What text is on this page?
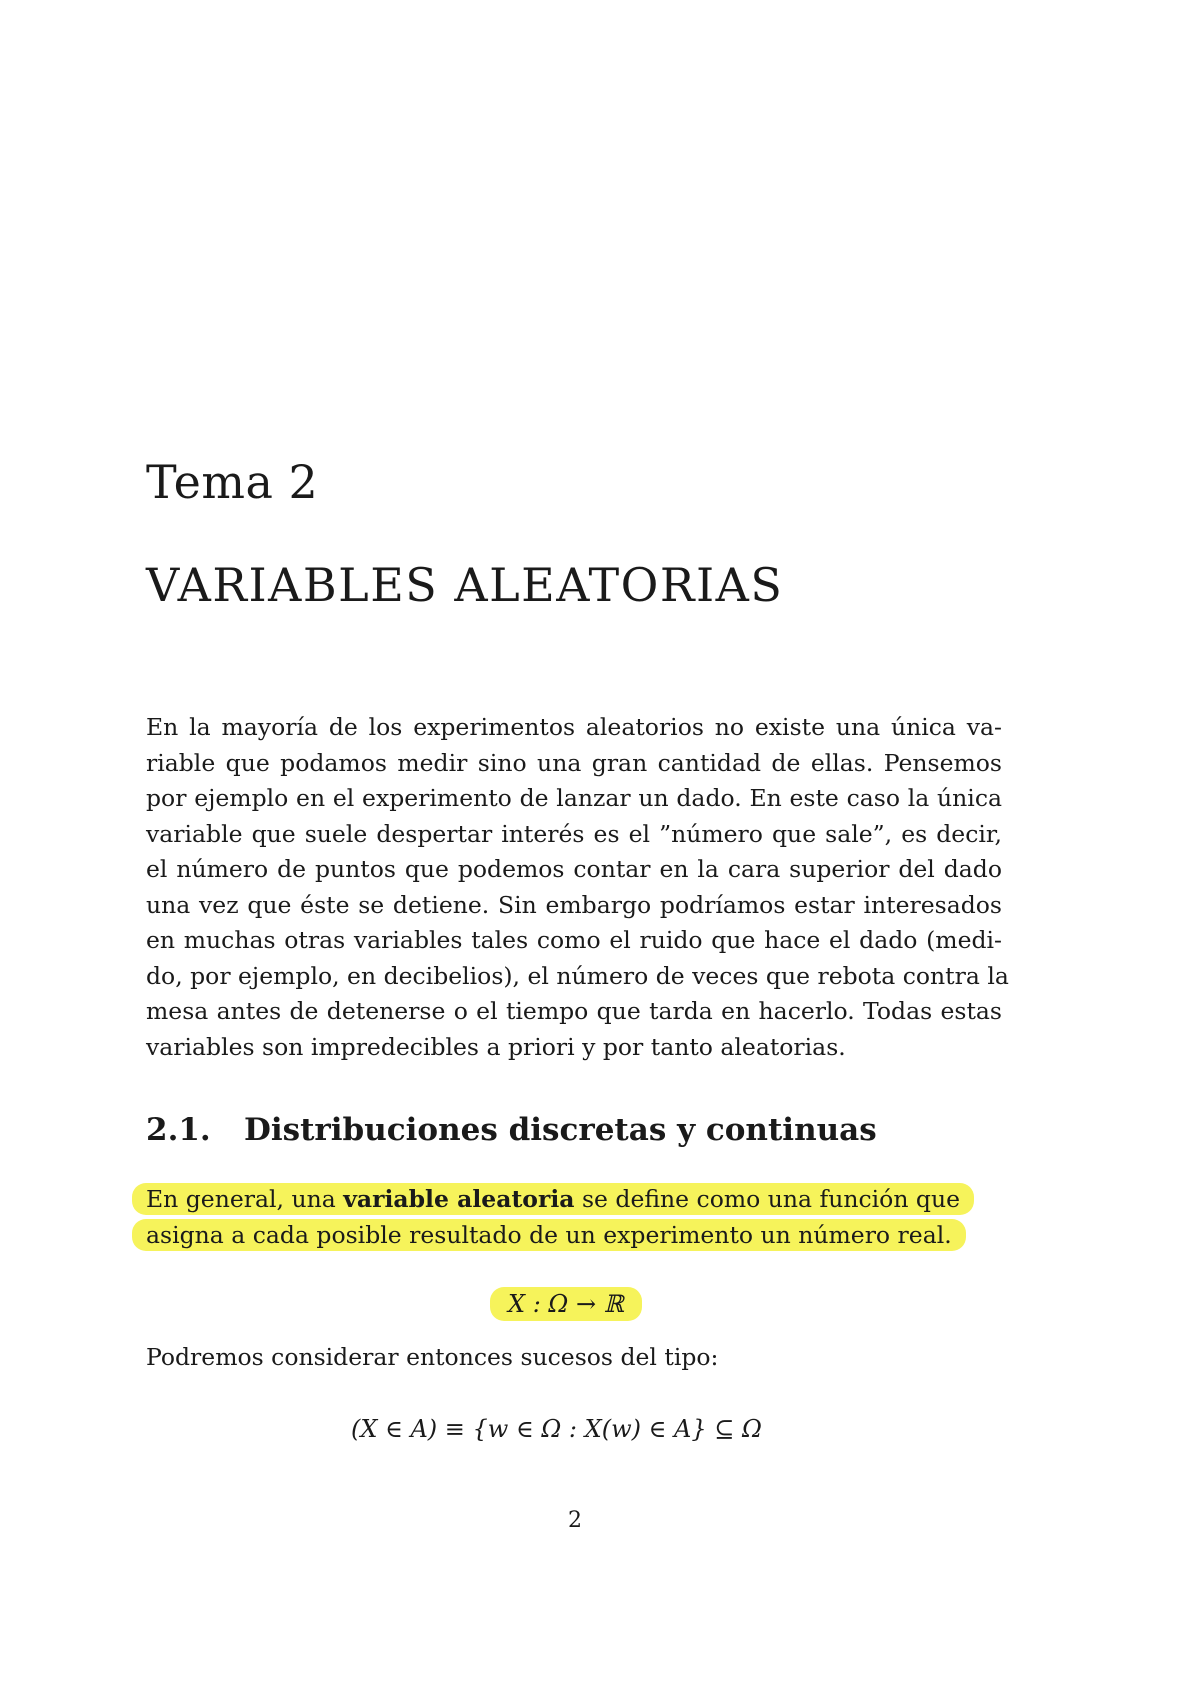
Tema 2
VARIABLES ALEATORIAS
En la mayoría de los experimentos aleatorios no existe una única va-
riable que podamos medir sino una gran cantidad de ellas. Pensemos
por ejemplo en el experimento de lanzar un dado. En este caso la única
variable que suele despertar interés es el ”número que sale”, es decir,
el número de puntos que podemos contar en la cara superior del dado
una vez que éste se detiene. Sin embargo podríamos estar interesados
en muchas otras variables tales como el ruido que hace el dado (medi-
do, por ejemplo, en decibelios), el número de veces que rebota contra la
mesa antes de detenerse o el tiempo que tarda en hacerlo. Todas estas
variables son impredecibles a priori y por tanto aleatorias.
2.1. Distribuciones discretas y continuas
En general, una variable aleatoria se define como una función que
asigna a cada posible resultado de un experimento un número real.
X : Ω → ℝ
Podremos considerar entonces sucesos del tipo:
(X ∈ A) ≡ {w ∈ Ω : X(w) ∈ A} ⊆ Ω
2
